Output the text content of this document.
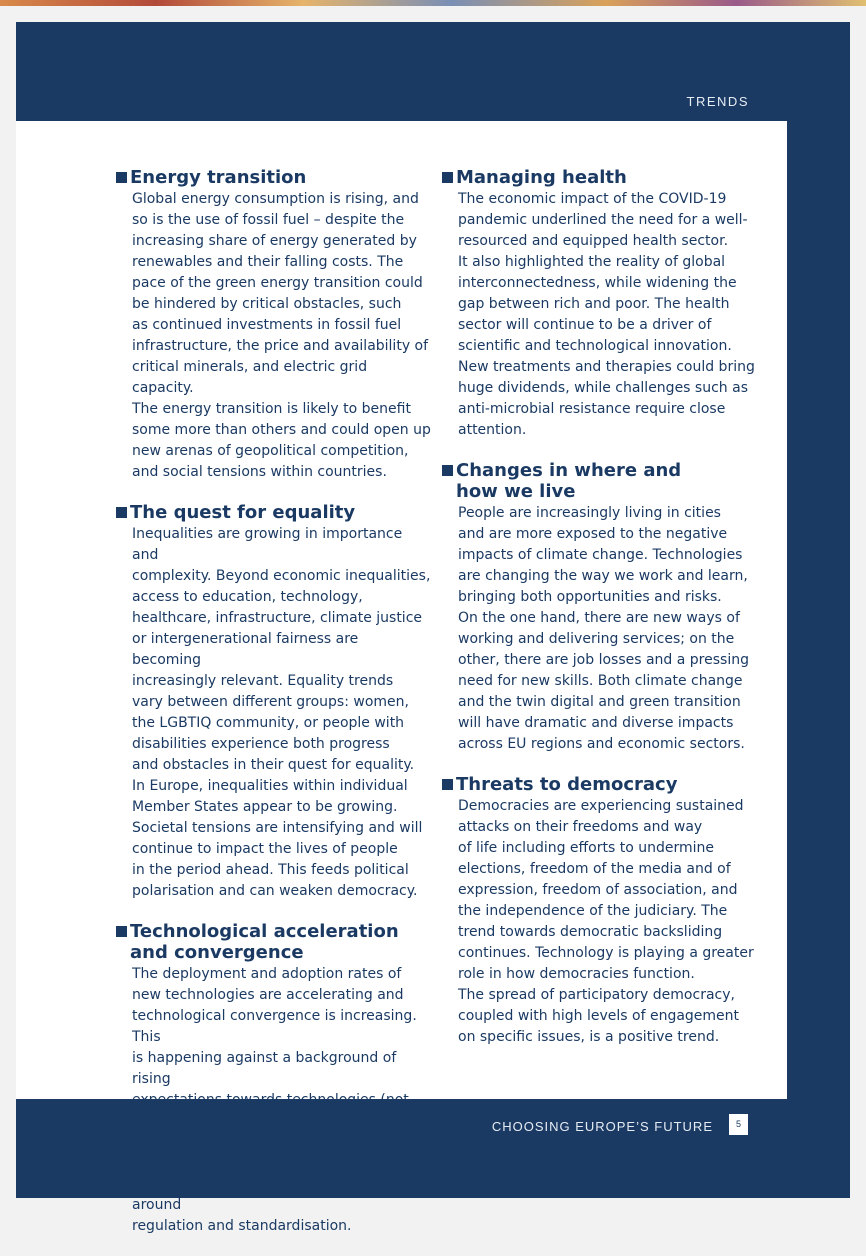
TRENDS
Energy transition

Global energy consumption is rising, and
so is the use of fossil fuel – despite the
increasing share of energy generated by
renewables and their falling costs. The
pace of the green energy transition could
be hindered by critical obstacles, such
as continued investments in fossil fuel
infrastructure, the price and availability of
critical minerals, and electric grid capacity.
The energy transition is likely to benefit
some more than others and could open up
new arenas of geopolitical competition,
and social tensions within countries.

The quest for equality

Inequalities are growing in importance and
complexity. Beyond economic inequalities,
access to education, technology,
healthcare, infrastructure, climate justice
or intergenerational fairness are becoming
increasingly relevant. Equality trends
vary between different groups: women,
the LGBTIQ community, or people with
disabilities experience both progress
and obstacles in their quest for equality.
In Europe, inequalities within individual
Member States appear to be growing.
Societal tensions are intensifying and will
continue to impact the lives of people
in the period ahead. This feeds political
polarisation and can weaken democracy.

Technological acceleration
and convergence

The deployment and adoption rates of
new technologies are accelerating and
technological convergence is increasing. This
is happening against a background of rising
expectations towards technologies (not least
for the green transition), growing geopolitical
technological rivalry, and challenges around
regulation and standardisation.

Managing health

The economic impact of the COVID-19
pandemic underlined the need for a well-
resourced and equipped health sector.
It also highlighted the reality of global
interconnectedness, while widening the
gap between rich and poor. The health
sector will continue to be a driver of
scientific and technological innovation.
New treatments and therapies could bring
huge dividends, while challenges such as
anti-microbial resistance require close
attention.

Changes in where and
how we live

People are increasingly living in cities
and are more exposed to the negative
impacts of climate change. Technologies
are changing the way we work and learn,
bringing both opportunities and risks.
On the one hand, there are new ways of
working and delivering services; on the
other, there are job losses and a pressing
need for new skills. Both climate change
and the twin digital and green transition
will have dramatic and diverse impacts
across EU regions and economic sectors.

Threats to democracy

Democracies are experiencing sustained
attacks on their freedoms and way
of life including efforts to undermine
elections, freedom of the media and of
expression, freedom of association, and
the independence of the judiciary. The
trend towards democratic backsliding
continues. Technology is playing a greater
role in how democracies function.
The spread of participatory democracy,
coupled with high levels of engagement
on specific issues, is a positive trend.

CHOOSING EUROPE’S FUTURE	5
